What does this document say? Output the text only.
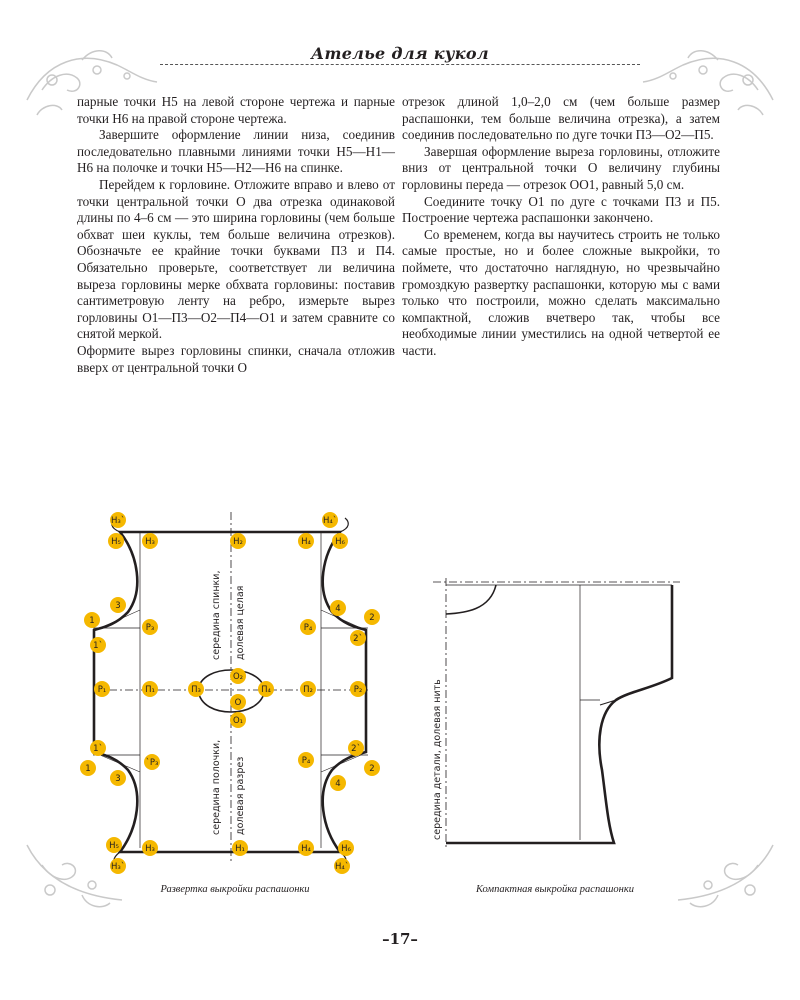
Ателье для кукол

парные точки Н5 на левой стороне чертежа и парные точки Н6 на правой стороне чертежа.

Завершите оформление линии низа, соединив последовательно плавными линиями точки Н5—Н1—Н6 на полочке и точки Н5—Н2—Н6 на спинке.

Перейдем к горловине. Отложите вправо и влево от точки центральной точки О два отрезка одинаковой длины по 4–6 см — это ширина горловины (чем больше обхват шеи куклы, тем больше величина отрезков). Обозначьте ее крайние точки буквами П3 и П4. Обязательно проверьте, соответствует ли величина выреза горловины мерке обхвата горловины: поставив сантиметровую ленту на ребро, измерьте вырез горловины О1—П3—О2—П4—О1 и затем сравните со снятой меркой.

Оформите вырез горловины спинки, сначала отложив вверх от центральной точки О

отрезок длиной 1,0–2,0 см (чем больше размер распашонки, тем больше величина отрезка), а затем соединив последовательно по дуге точки П3—О2—П5.

Завершая оформление выреза горловины, отложите вниз от центральной точки О величину глубины горловины переда — отрезок ОО1, равный 5,0 см.

Соедините точку О1 по дуге с точками П3 и П5. Построение чертежа распашонки закончено.

Со временем, когда вы научитесь строить не только самые простые, но и более сложные выкройки, то поймете, что достаточно наглядную, но чрезвычайно громоздкую развертку распашонки, которую мы с вами только что построили, можно сделать максимально компактной, сложив вчетверо так, чтобы все необходимые линии уместились на одной четвертой ее части.

середина спинки, долевая целая
середина полочки, долевая разрез
Н₃`	Н₄`
Н₅	Н₃	Н₂	Н₄	Н₆
3	4
1
Р₃	Р₄
2
1`
2`
Р₁	П₁	П₃
О₂
П₄	П₂	Р₂
О
О₁
1`
`Р₃
2`
Р₄
1
3	4
2
Н₅	Н₃	Н₁	Н₄	Н₆
Н₃`	Н₄`
Развертка выкройки распашонки
середина детали, долевая нить
Компактная выкройка распашонки
–17–
